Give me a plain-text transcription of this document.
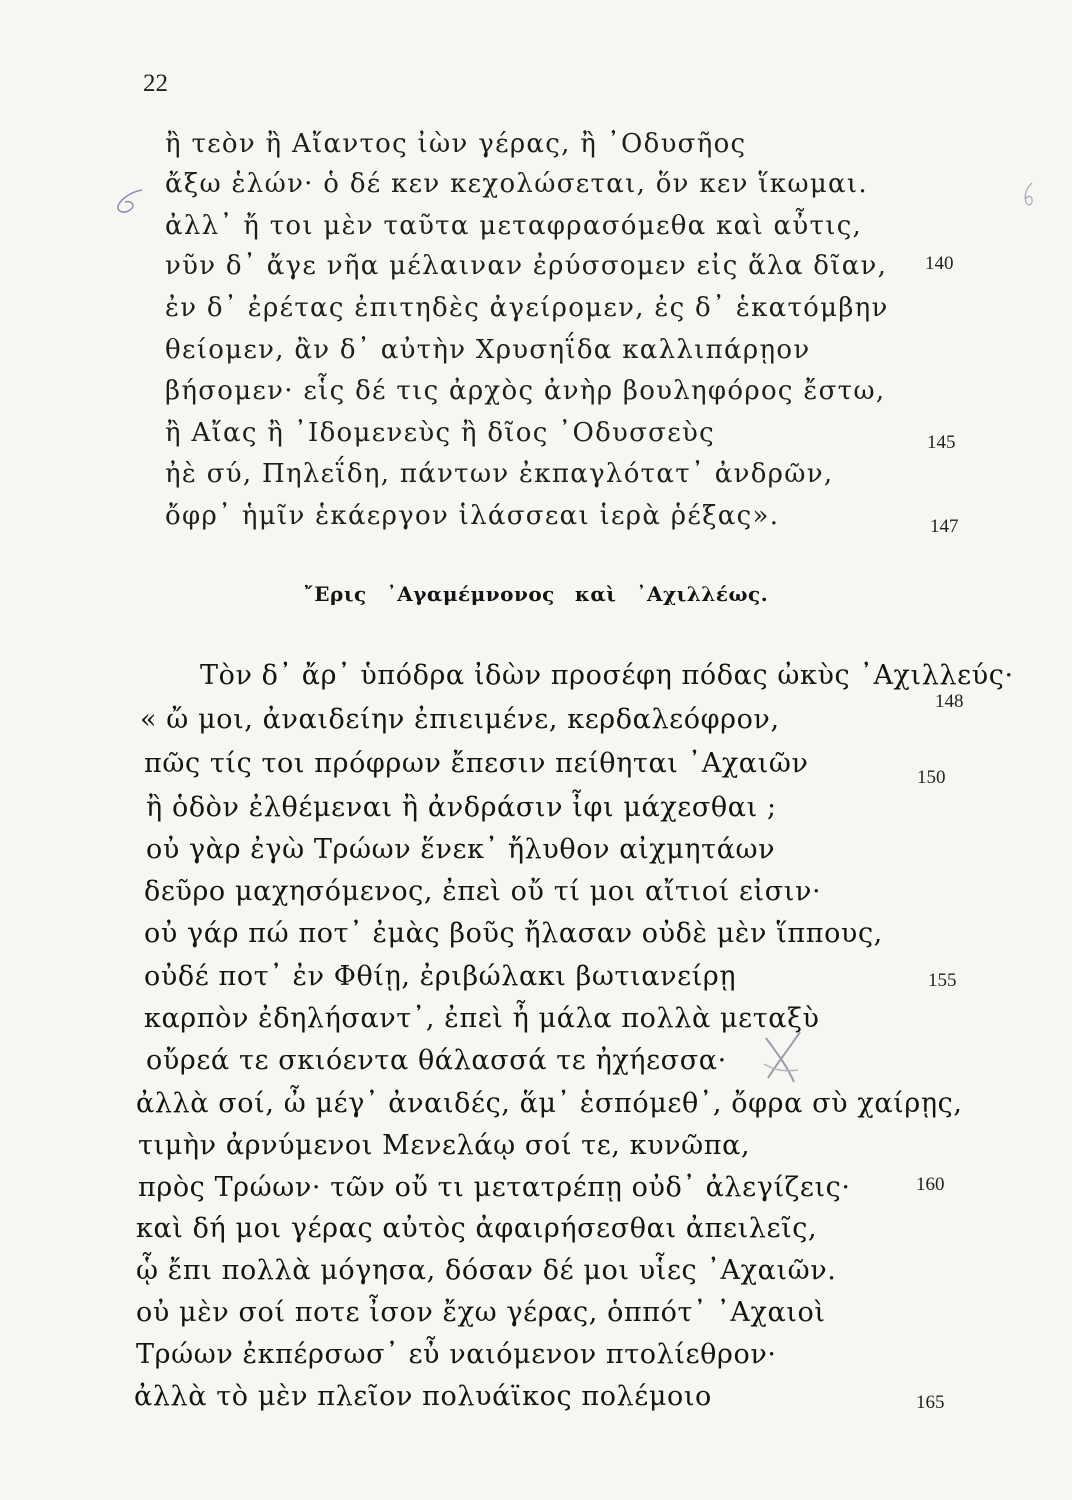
22
ἢ τεὸν ἢ Αἴαντος ἰὼν γέρας, ἢ ᾿Οδυσῆος
ἄξω ἑλών· ὁ δέ κεν κεχολώσεται, ὅν κεν ἵκωμαι.
ἀλλ᾽ ἤ τοι μὲν ταῦτα μεταφρασόμεθα καὶ αὖτις,
νῦν δ᾽ ἄγε νῆα μέλαιναν ἐρύσσομεν εἰς ἅλα δῖαν,
ἐν δ᾽ ἐρέτας ἐπιτηδὲς ἀγείρομεν, ἐς δ᾽ ἑκατόμβην
θείομεν, ἂν δ᾽ αὐτὴν Χρυσηΐδα καλλιπάρῃον
βήσομεν· εἷς δέ τις ἀρχὸς ἀνὴρ βουληφόρος ἔστω,
ἢ Αἴας ἢ ᾿Ιδομενεὺς ἢ δῖος ᾿Οδυσσεὺς
ἠὲ σύ, Πηλεΐδη, πάντων ἐκπαγλότατ᾽ ἀνδρῶν,
ὄφρ᾽ ἡμῖν ἑκάεργον ἱλάσσεαι ἱερὰ ῥέξας».
140
145
147
῎Ερις ᾿Αγαμέμνονος καὶ ᾿Αχιλλέως.
Τὸν δ᾽ ἄρ᾽ ὑπόδρα ἰδὼν προσέφη πόδας ὠκὺς ᾿Αχιλλεύς·
« ὤ μοι, ἀναιδείην ἐπιειμένε, κερδαλεόφρον,
πῶς τίς τοι πρόφρων ἔπεσιν πείθηται ᾿Αχαιῶν
ἢ ὁδὸν ἐλθέμεναι ἢ ἀνδράσιν ἶφι μάχεσθαι ;
οὐ γὰρ ἐγὼ Τρώων ἕνεκ᾽ ἤλυθον αἰχμητάων
δεῦρο μαχησόμενος, ἐπεὶ οὔ τί μοι αἴτιοί εἰσιν·
οὐ γάρ πώ ποτ᾽ ἐμὰς βοῦς ἤλασαν οὐδὲ μὲν ἵππους,
οὐδέ ποτ᾽ ἐν Φθίῃ, ἐριβώλακι βωτιανείρῃ
καρπὸν ἐδηλήσαντ᾽, ἐπεὶ ἦ μάλα πολλὰ μεταξὺ
οὔρεά τε σκιόεντα θάλασσά τε ἠχήεσσα·
ἀλλὰ σοί, ὦ μέγ᾽ ἀναιδές, ἅμ᾽ ἑσπόμεθ᾽, ὄφρα σὺ χαίρῃς,
τιμὴν ἀρνύμενοι Μενελάῳ σοί τε, κυνῶπα,
πρὸς Τρώων· τῶν οὔ τι μετατρέπῃ οὐδ᾽ ἀλεγίζεις·
καὶ δή μοι γέρας αὐτὸς ἀφαιρήσεσθαι ἀπειλεῖς,
ᾧ ἔπι πολλὰ μόγησα, δόσαν δέ μοι υἷες ᾿Αχαιῶν.
οὐ μὲν σοί ποτε ἶσον ἔχω γέρας, ὁππότ᾽ ᾿Αχαιοὶ
Τρώων ἐκπέρσωσ᾽ εὖ ναιόμενον πτολίεθρον·
ἀλλὰ τὸ μὲν πλεῖον πολυάϊκος πολέμοιο
148
150
155
160
165
